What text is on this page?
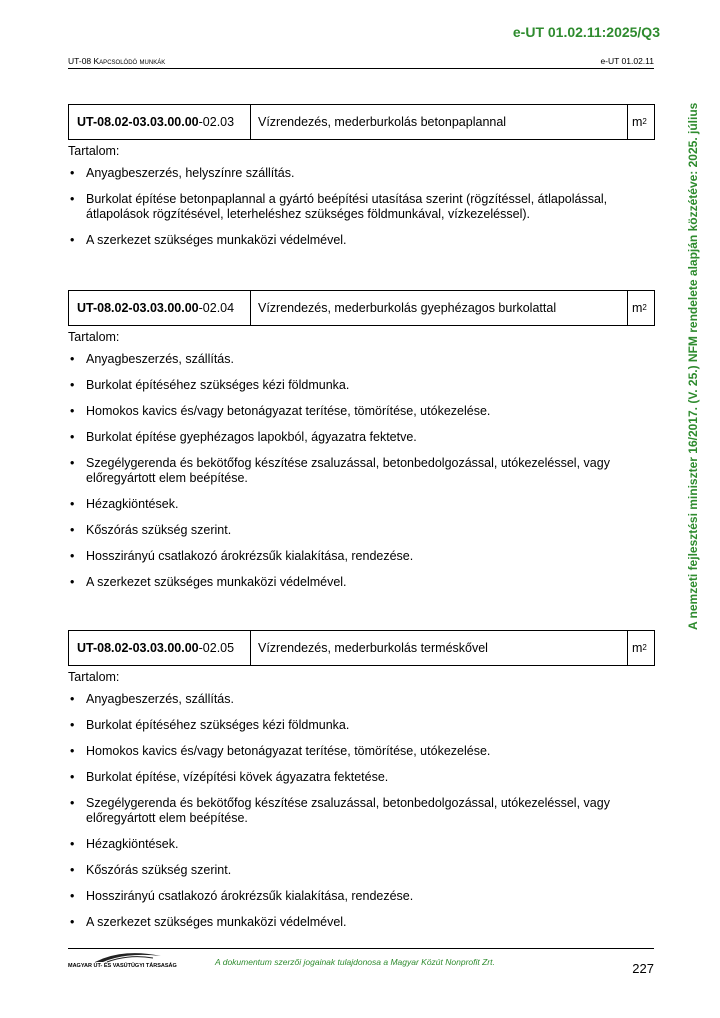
e-UT 01.02.11:2025/Q3
UT-08 Kapcsolódó munkák	e-UT 01.02.11
A nemzeti fejlesztési miniszter 16/2017. (V. 25.) NFM rendelete alapján közzétéve: 2025. július
UT-08.02-03.03.00.00 -02.03	Vízrendezés, mederburkolás betonpaplannal	m 2
Tartalom:
• Anyagbeszerzés, helyszínre szállítás.
• Burkolat építése betonpaplannal a gyártó beépítési utasítása szerint (rögzítéssel, átlapolással, átlapolások rögzítésével, leterheléshez szükséges földmunkával, vízkezeléssel).
• A szerkezet szükséges munkaközi védelmével.
UT-08.02-03.03.00.00 -02.04	Vízrendezés, mederburkolás gyephézagos burkolattal	m 2
Tartalom:
• Anyagbeszerzés, szállítás.
• Burkolat építéséhez szükséges kézi földmunka.
• Homokos kavics és/vagy betonágyazat terítése, tömörítése, utókezelése.
• Burkolat építése gyephézagos lapokból, ágyazatra fektetve.
• Szegélygerenda és bekötőfog készítése zsaluzással, betonbedolgozással, utókezeléssel, vagy előregyártott elem beépítése.
• Hézagkiöntések.
• Kőszórás szükség szerint.
• Hosszirányú csatlakozó árokrézsűk kialakítása, rendezése.
• A szerkezet szükséges munkaközi védelmével.
UT-08.02-03.03.00.00 -02.05	Vízrendezés, mederburkolás terméskővel	m 2
Tartalom:
• Anyagbeszerzés, szállítás.
• Burkolat építéséhez szükséges kézi földmunka.
• Homokos kavics és/vagy betonágyazat terítése, tömörítése, utókezelése.
• Burkolat építése, vízépítési kövek ágyazatra fektetése.
• Szegélygerenda és bekötőfog készítése zsaluzással, betonbedolgozással, utókezeléssel, vagy előregyártott elem beépítése.
• Hézagkiöntések.
• Kőszórás szükség szerint.
• Hosszirányú csatlakozó árokrézsűk kialakítása, rendezése.
• A szerkezet szükséges munkaközi védelmével.
MAGYAR ÚT- ÉS VASÚTÜGYI TÁRSASÁG	A dokumentum szerzői jogainak tulajdonosa a Magyar Közút Nonprofit Zrt.	227
